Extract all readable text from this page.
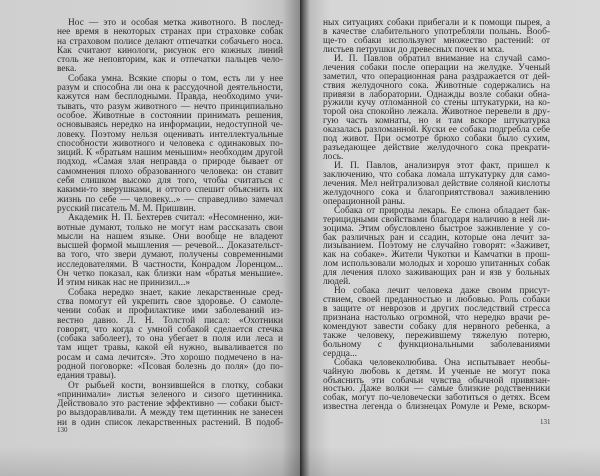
Нос — это и особая метка животного. В послед-
нее время в некоторых странах при страховке собак
на страховом полисе делают отпечатки собачьего носа.
Как считают кинологи, рисунок его кожных линий
столь же неповторим, как и отпечатки пальцев чело-
века.
Собака умна. Всякие споры о том, есть ли у нее
разум и способна ли она к рассудочной деятельности,
кажутся нам бесплодными. Правда, необходимо учи-
тывать, что разум животного — нечто принципиально
особое. Животные в состоянии принимать решения,
основываясь нередко на информации, недоступной че-
ловеку. Поэтому нельзя оценивать интеллектуальные
способности животного и человека с одинаковых по-
зиций. К «братьям нашим меньшим» необходим другой
подход. «Самая злая неправда о природе бывает от
самомнения плохо образованного человека: он ставит
себя слишком высоко для того, чтобы считаться с
какими-то зверушками, и оттого спешит объяснить их
жизнь по себе — человеку...» — справедливо замечал
русский писатель М. М. Пришвин.
Академик Н. П. Бехтерев считал: «Несомненно, жи-
вотные думают, только не могут нам рассказать свои
мысли на нашем языке. Они вообще не владеют
высшей формой мышления — речевой... Доказательст-
ва того, что звери думают, получены современными
исследователями. В частности, Конрадом Лоренцом...
Он четко показал, как близки нам «братья меньшие».
И этим никак нас не принизил...»
Собака нередко знает, какие лекарственные сред-
ства помогут ей укрепить свое здоровье. О самоле-
чении собак и профилактике ими заболеваний из-
вестно давно. Л. Н. Толстой писал: «Охотники
говорят, что когда с умной собакой сделается стечка
(собака заболеет), то она убегает в поля или леса и
там ищет травы, какой ей нужно, вываливается по
росам и сама лечится». Это хорошо подмечено в на-
родной поговорке: «Псовая болезнь до поля» (до по-
едания травы).
От рыбьей кости, вонзившейся в глотку, собаки
«принимали» листья зеленого и сизого щетинника.
Действовало это растение эффективно — собаки быст-
ро выздоравливали. А между тем щетинник не занесен
ни в один список лекарственных растений. В подоб-
130
ных ситуациях собаки прибегали и к помощи пырея, а
в качестве слабительного употребляли полынь. Вооб-
ще-то собаки используют множество растений: от
листьев петрушки до древесных почек и мха.
И. П. Павлов обратил внимание на случай само-
лечения собаки после операции на желудке. Ученый
заметил, что операционная рана раздражается от дей-
ствия желудочного сока. Животные содержались на
привязи в лаборатории. Однажды возле собаки обна-
ружили кучу отломанной со стены штукатурки, на ко-
торой она спокойно лежала. Животное перевели в дру-
гую часть комнаты, но и там вскоре штукатурка
оказалась разломанной. Куски ее собака подгребла себе
под живот. При осмотре брюхо собаки было сухим,
разъедающее действие желудочного сока прекрати-
лось.
И. П. Павлов, анализируя этот факт, пришел к
заключению, что собака ломала штукатурку для само-
лечения. Мел нейтрализовал действие соляной кислоты
желудочного сока и благоприятствовал заживлению
операционной раны.
Собака от природы лекарь. Ее слюна обладает бак-
терицидными свойствами благодаря наличию в ней ли-
зоцима. Этим обусловлено быстрое заживление у со-
бак различных ран и ссадин, которые она лечит за-
лизыванием. Поэтому не случайно говорят: «Заживет,
как на собаке». Жители Чукотки и Камчатки в прош-
лом использовали молодых и хорошо упитанных собак
для лечения плохо заживающих ран и язв у больных
людей.
Но собака лечит человека даже своим присут-
ствием, своей преданностью и любовью. Роль собаки
в защите от неврозов и других последствий стресса
признана настолько огромной, что нередко врачи ре-
комендуют завести собаку для нервного ребенка, а
также человеку, пережившему тяжелую потерю,
больному с функциональными заболеваниями
сердца...
Собака человеколюбива. Она испытывает необы-
чайную любовь к детям. И ученые не могут пока
объяснить эти собачьи чувства обычной привязан-
ностью. Даже волки — самые близкие родственники
собак, могут по-человечески заботиться о детях. Всем
известна легенда о близнецах Ромуле и Реме, вскорм-
131
